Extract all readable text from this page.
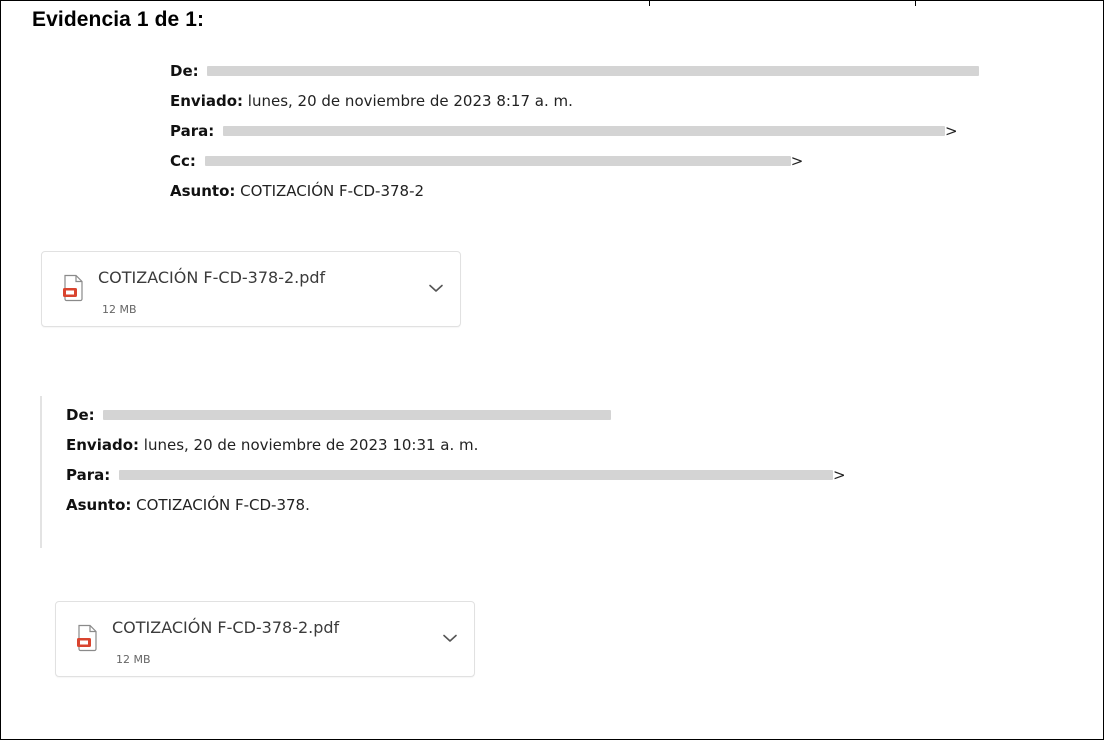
Evidencia 1 de 1:
De:
Enviado: lunes, 20 de noviembre de 2023 8:17 a. m.
Para:	>
Cc:	>
Asunto: COTIZACIÓN F-CD-378-2
COTIZACIÓN F-CD-378-2.pdf
12 MB
De:
Enviado: lunes, 20 de noviembre de 2023 10:31 a. m.
Para:	>
Asunto: COTIZACIÓN F-CD-378.
COTIZACIÓN F-CD-378-2.pdf
12 MB
